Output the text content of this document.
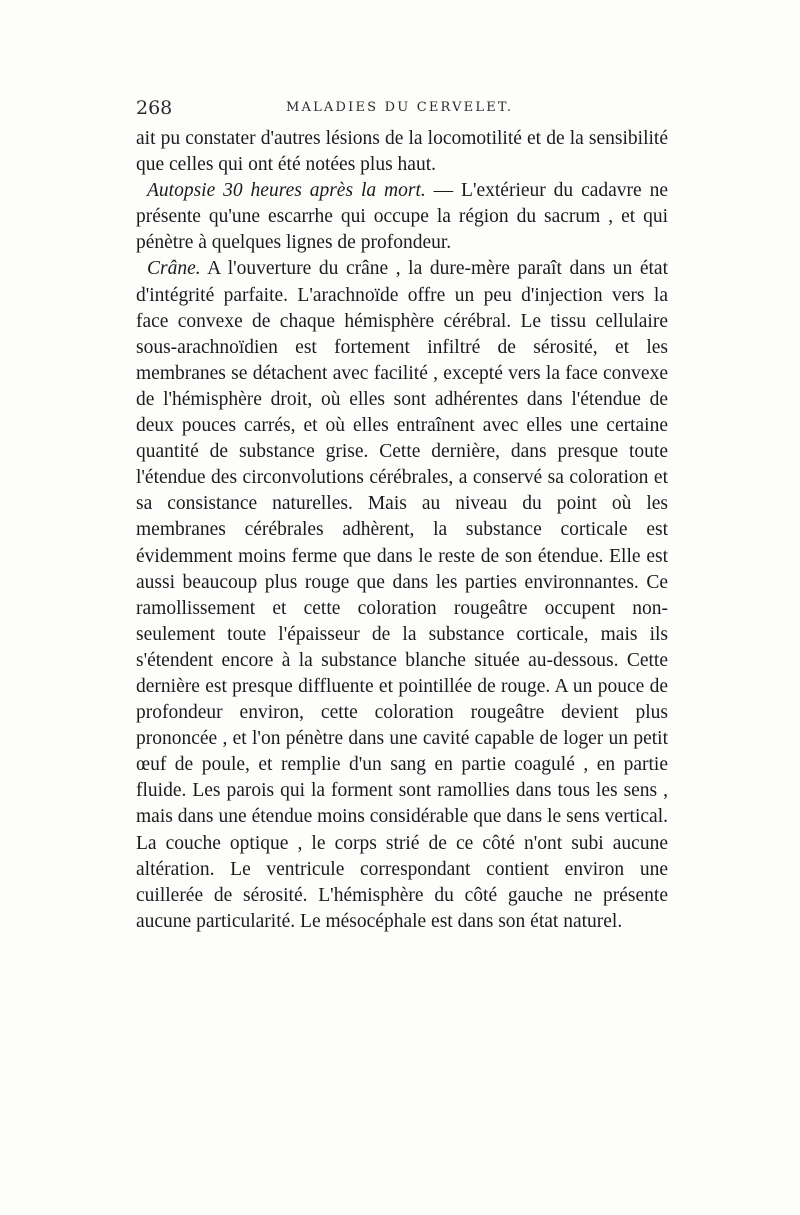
268	MALADIES DU CERVELET.

ait pu constater d'autres lésions de la locomotilité et de la sensibilité que celles qui ont été notées plus haut.

Autopsie 30 heures après la mort. — L'extérieur du cadavre ne présente qu'une escarrhe qui occupe la région du sacrum , et qui pénètre à quelques lignes de profondeur.

Crâne. A l'ouverture du crâne , la dure-mère paraît dans un état d'intégrité parfaite. L'arachnoïde offre un peu d'injection vers la face convexe de chaque hémisphère cérébral. Le tissu cellulaire sous-arachnoïdien est fortement infiltré de sérosité, et les membranes se détachent avec facilité , excepté vers la face convexe de l'hémisphère droit, où elles sont adhérentes dans l'étendue de deux pouces carrés, et où elles entraînent avec elles une certaine quantité de substance grise. Cette dernière, dans presque toute l'étendue des circonvolutions cérébrales, a conservé sa coloration et sa consistance naturelles. Mais au niveau du point où les membranes cérébrales adhèrent, la substance corticale est évidemment moins ferme que dans le reste de son étendue. Elle est aussi beaucoup plus rouge que dans les parties environnantes. Ce ramollissement et cette coloration rougeâtre occupent non-seulement toute l'épaisseur de la substance corticale, mais ils s'étendent encore à la substance blanche située au-dessous. Cette dernière est presque diffluente et pointillée de rouge. A un pouce de profondeur environ, cette coloration rougeâtre devient plus prononcée , et l'on pénètre dans une cavité capable de loger un petit œuf de poule, et remplie d'un sang en partie coagulé , en partie fluide. Les parois qui la forment sont ramollies dans tous les sens , mais dans une étendue moins considérable que dans le sens vertical. La couche optique , le corps strié de ce côté n'ont subi aucune altération. Le ventricule correspondant contient environ une cuillerée de sérosité. L'hémisphère du côté gauche ne présente aucune particularité. Le mésocéphale est dans son état naturel.
